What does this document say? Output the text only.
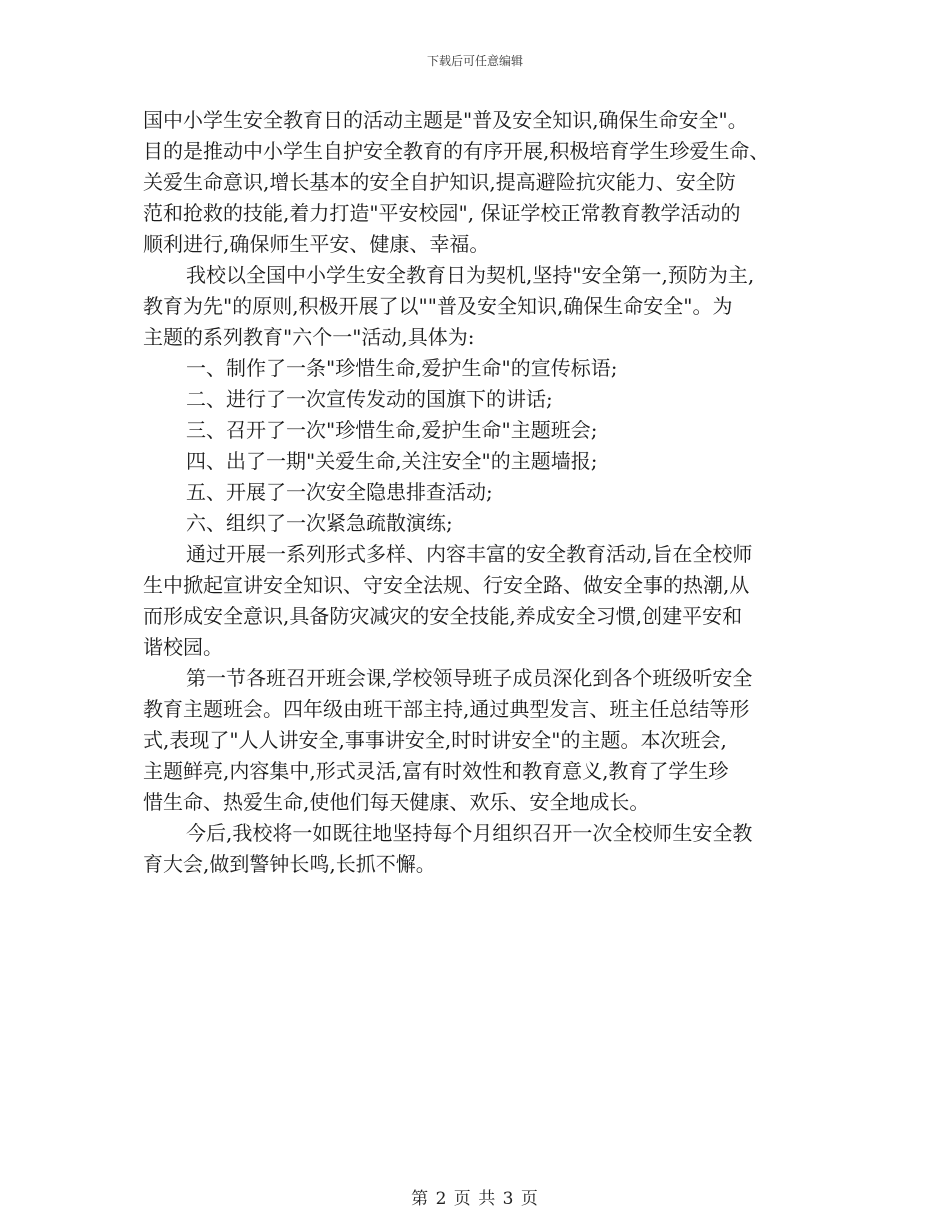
下载后可任意编辑
国中小学生安全教育日的活动主题是"普及安全知识,确保生命安全"。
目的是推动中小学生自护安全教育的有序开展,积极培育学生珍爱生命、
关爱生命意识,增长基本的安全自护知识,提高避险抗灾能力、安全防
范和抢救的技能,着力打造"平安校园", 保证学校正常教育教学活动的
顺利进行,确保师生平安、健康、幸福。
我校以全国中小学生安全教育日为契机,坚持"安全第一,预防为主,
教育为先"的原则,积极开展了以""普及安全知识,确保生命安全"。为
主题的系列教育"六个一"活动,具体为:
一、制作了一条"珍惜生命,爱护生命"的宣传标语;
二、进行了一次宣传发动的国旗下的讲话;
三、召开了一次"珍惜生命,爱护生命"主题班会;
四、出了一期"关爱生命,关注安全"的主题墙报;
五、开展了一次安全隐患排查活动;
六、组织了一次紧急疏散演练;
通过开展一系列形式多样、内容丰富的安全教育活动,旨在全校师
生中掀起宣讲安全知识、守安全法规、行安全路、做安全事的热潮,从
而形成安全意识,具备防灾减灾的安全技能,养成安全习惯,创建平安和
谐校园。
第一节各班召开班会课,学校领导班子成员深化到各个班级听安全
教育主题班会。四年级由班干部主持,通过典型发言、班主任总结等形
式,表现了"人人讲安全,事事讲安全,时时讲安全"的主题。本次班会,
主题鲜亮,内容集中,形式灵活,富有时效性和教育意义,教育了学生珍
惜生命、热爱生命,使他们每天健康、欢乐、安全地成长。
今后,我校将一如既往地坚持每个月组织召开一次全校师生安全教
育大会,做到警钟长鸣,长抓不懈。
第 2 页 共 3 页
